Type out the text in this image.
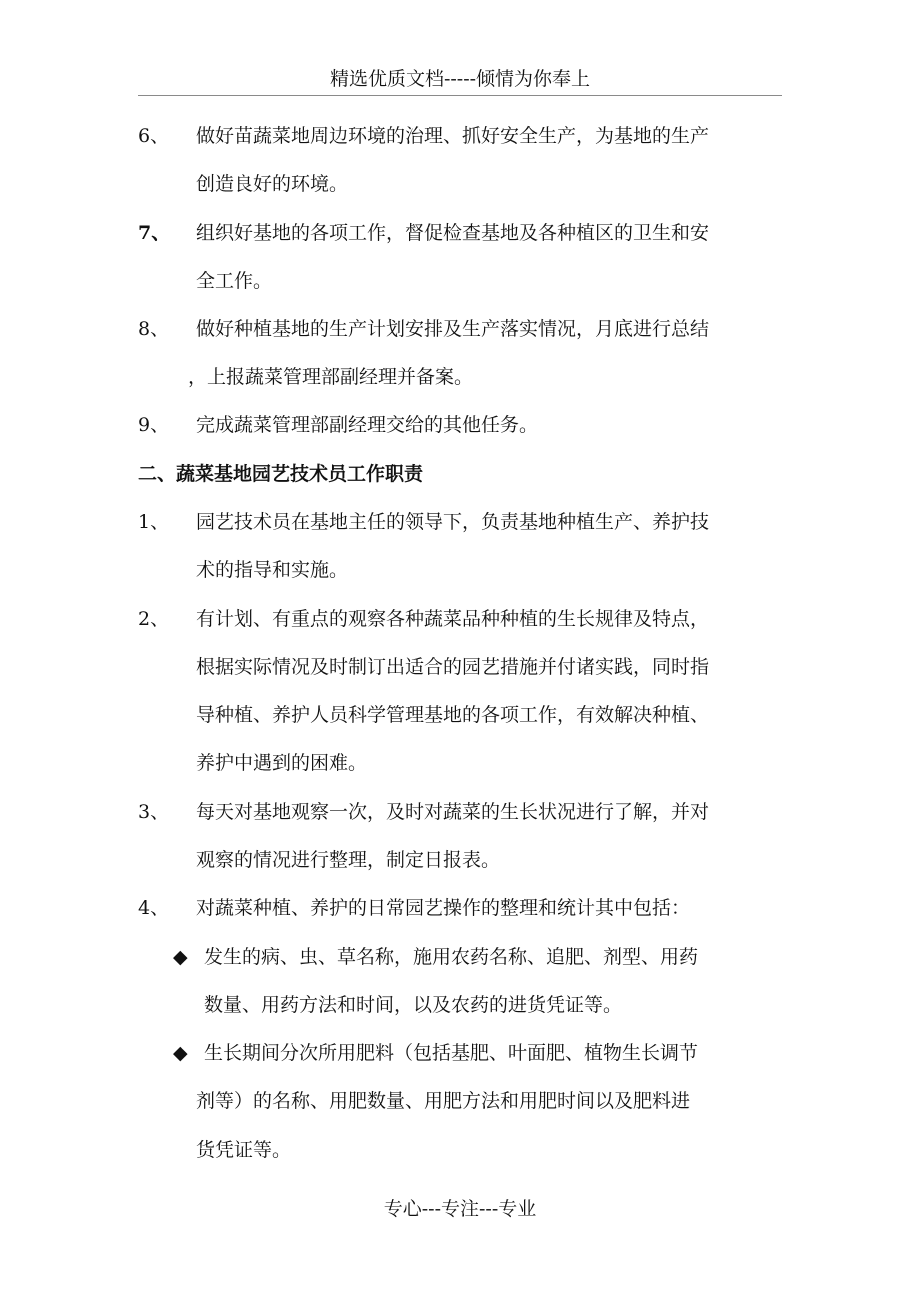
精选优质文档-----倾情为你奉上
6、 做好苗蔬菜地周边环境的治理、抓好安全生产，为基地的生产
创造良好的环境。
7、 组织好基地的各项工作，督促检查基地及各种植区的卫生和安
全工作。
8、 做好种植基地的生产计划安排及生产落实情况，月底进行总结
，上报蔬菜管理部副经理并备案。
9、 完成蔬菜管理部副经理交给的其他任务。
二、蔬菜基地园艺技术员工作职责
1、 园艺技术员在基地主任的领导下，负责基地种植生产、养护技
术的指导和实施。
2、 有计划、有重点的观察各种蔬菜品种种植的生长规律及特点，
根据实际情况及时制订出适合的园艺措施并付诸实践，同时指
导种植、养护人员科学管理基地的各项工作，有效解决种植、
养护中遇到的困难。
3、 每天对基地观察一次，及时对蔬菜的生长状况进行了解，并对
观察的情况进行整理，制定日报表。
4、 对蔬菜种植、养护的日常园艺操作的整理和统计其中包括：
◆ 发生的病、虫、草名称，施用农药名称、追肥、剂型、用药
数量、用药方法和时间，以及农药的进货凭证等。
◆ 生长期间分次所用肥料（包括基肥、叶面肥、植物生长调节
剂等）的名称、用肥数量、用肥方法和用肥时间以及肥料进
货凭证等。
专心---专注---专业
